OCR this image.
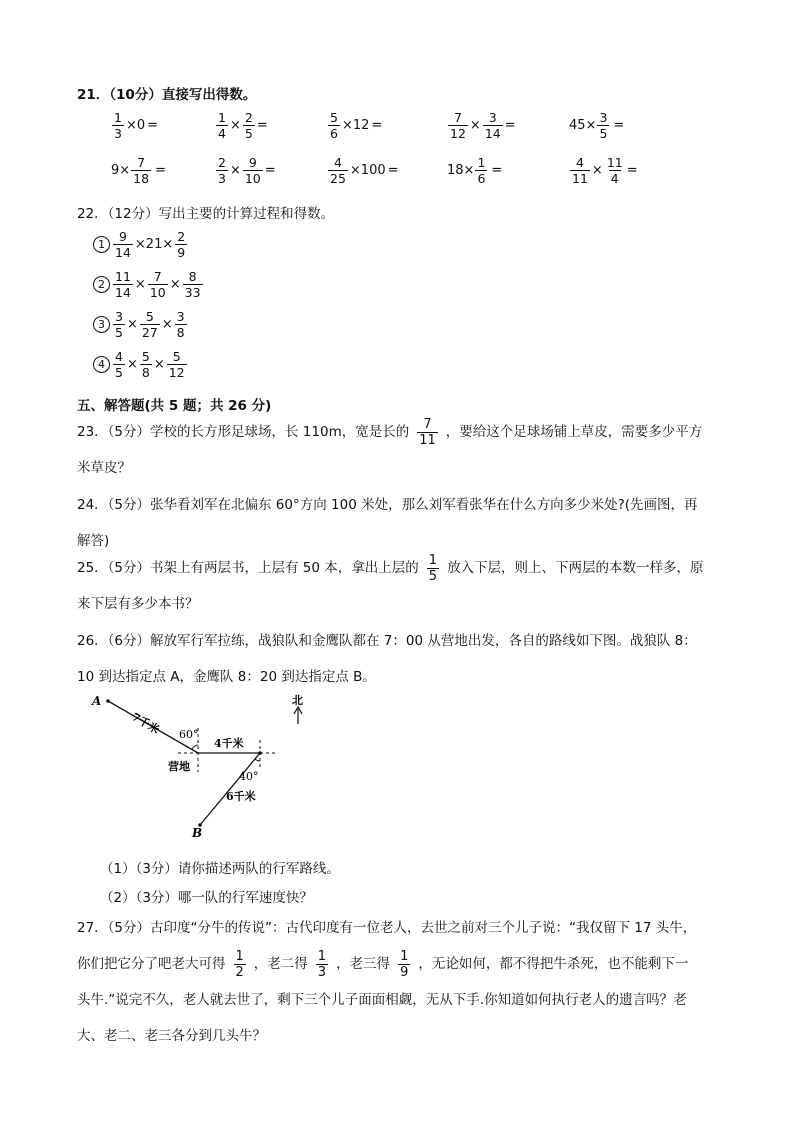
21．（10分）直接写出得数。
$\frac{1}{3} \times 0$ =	$\frac{1}{4} \times \frac{2}{5}$ =	$\frac{5}{6} \times 12$ =	$\frac{7}{12} \times \frac{3}{14}$ =	$45\times \frac{3}{5}$ =
$9\times \frac{7}{18}$ =	$\frac{2}{3} \times \frac{9}{10}$ =	$\frac{4}{25} \times 100$ =	$18\times \frac{1}{6}$ =	$\frac{4}{11} \times \frac{11}{4}$ =
22．（12分）写出主要的计算过程和得数。
$1 \frac{9}{14} \times 21\times \frac{2}{9}$
$2 \frac{11}{14} \times \frac{7}{10} \times \frac{8}{33}$
$3 \frac{3}{5} \times \frac{5}{27} \times \frac{3}{8}$
$4 \frac{4}{5} \times \frac{5}{8} \times \frac{5}{12}$
五、解答题(共 5 题；共 26 分)
23．（5分）学校的长方形足球场，长 110m，宽是长的 $\frac{7}{11}$ ，要给这个足球场铺上草皮，需要多少平方
米草皮？
24．（5分）张华看刘军在北偏东 60°方向 100 米处，那么刘军看张华在什么方向多少米处?(先画图，再
解答)
25．（5分）书架上有两层书，上层有 50 本，拿出上层的 $\frac{1}{5}$ 放入下层，则上、下两层的本数一样多，原
来下层有多少本书？
26．（6分）解放军行军拉练，战狼队和金鹰队都在 7：00 从营地出发，各自的路线如下图。战狼队 8：
10 到达指定点 A，金鹰队 8：20 到达指定点 B。
A
B
北
营地
7千米
4千米
6千米
60°
40°
（1）（3分）请你描述两队的行军路线。
（2）（3分）哪一队的行军速度快？
27．（5分）古印度“分牛的传说”：古代印度有一位老人，去世之前对三个儿子说：“我仅留下 17 头牛，
你们把它分了吧老大可得 $\frac{1}{2}$ ，老二得 $\frac{1}{3}$ ，老三得 $\frac{1}{9}$ ，无论如何，都不得把牛杀死，也不能剩下一
头牛.”说完不久，老人就去世了，剩下三个儿子面面相觑，无从下手.你知道如何执行老人的遗言吗？老
大、老二、老三各分到几头牛？
